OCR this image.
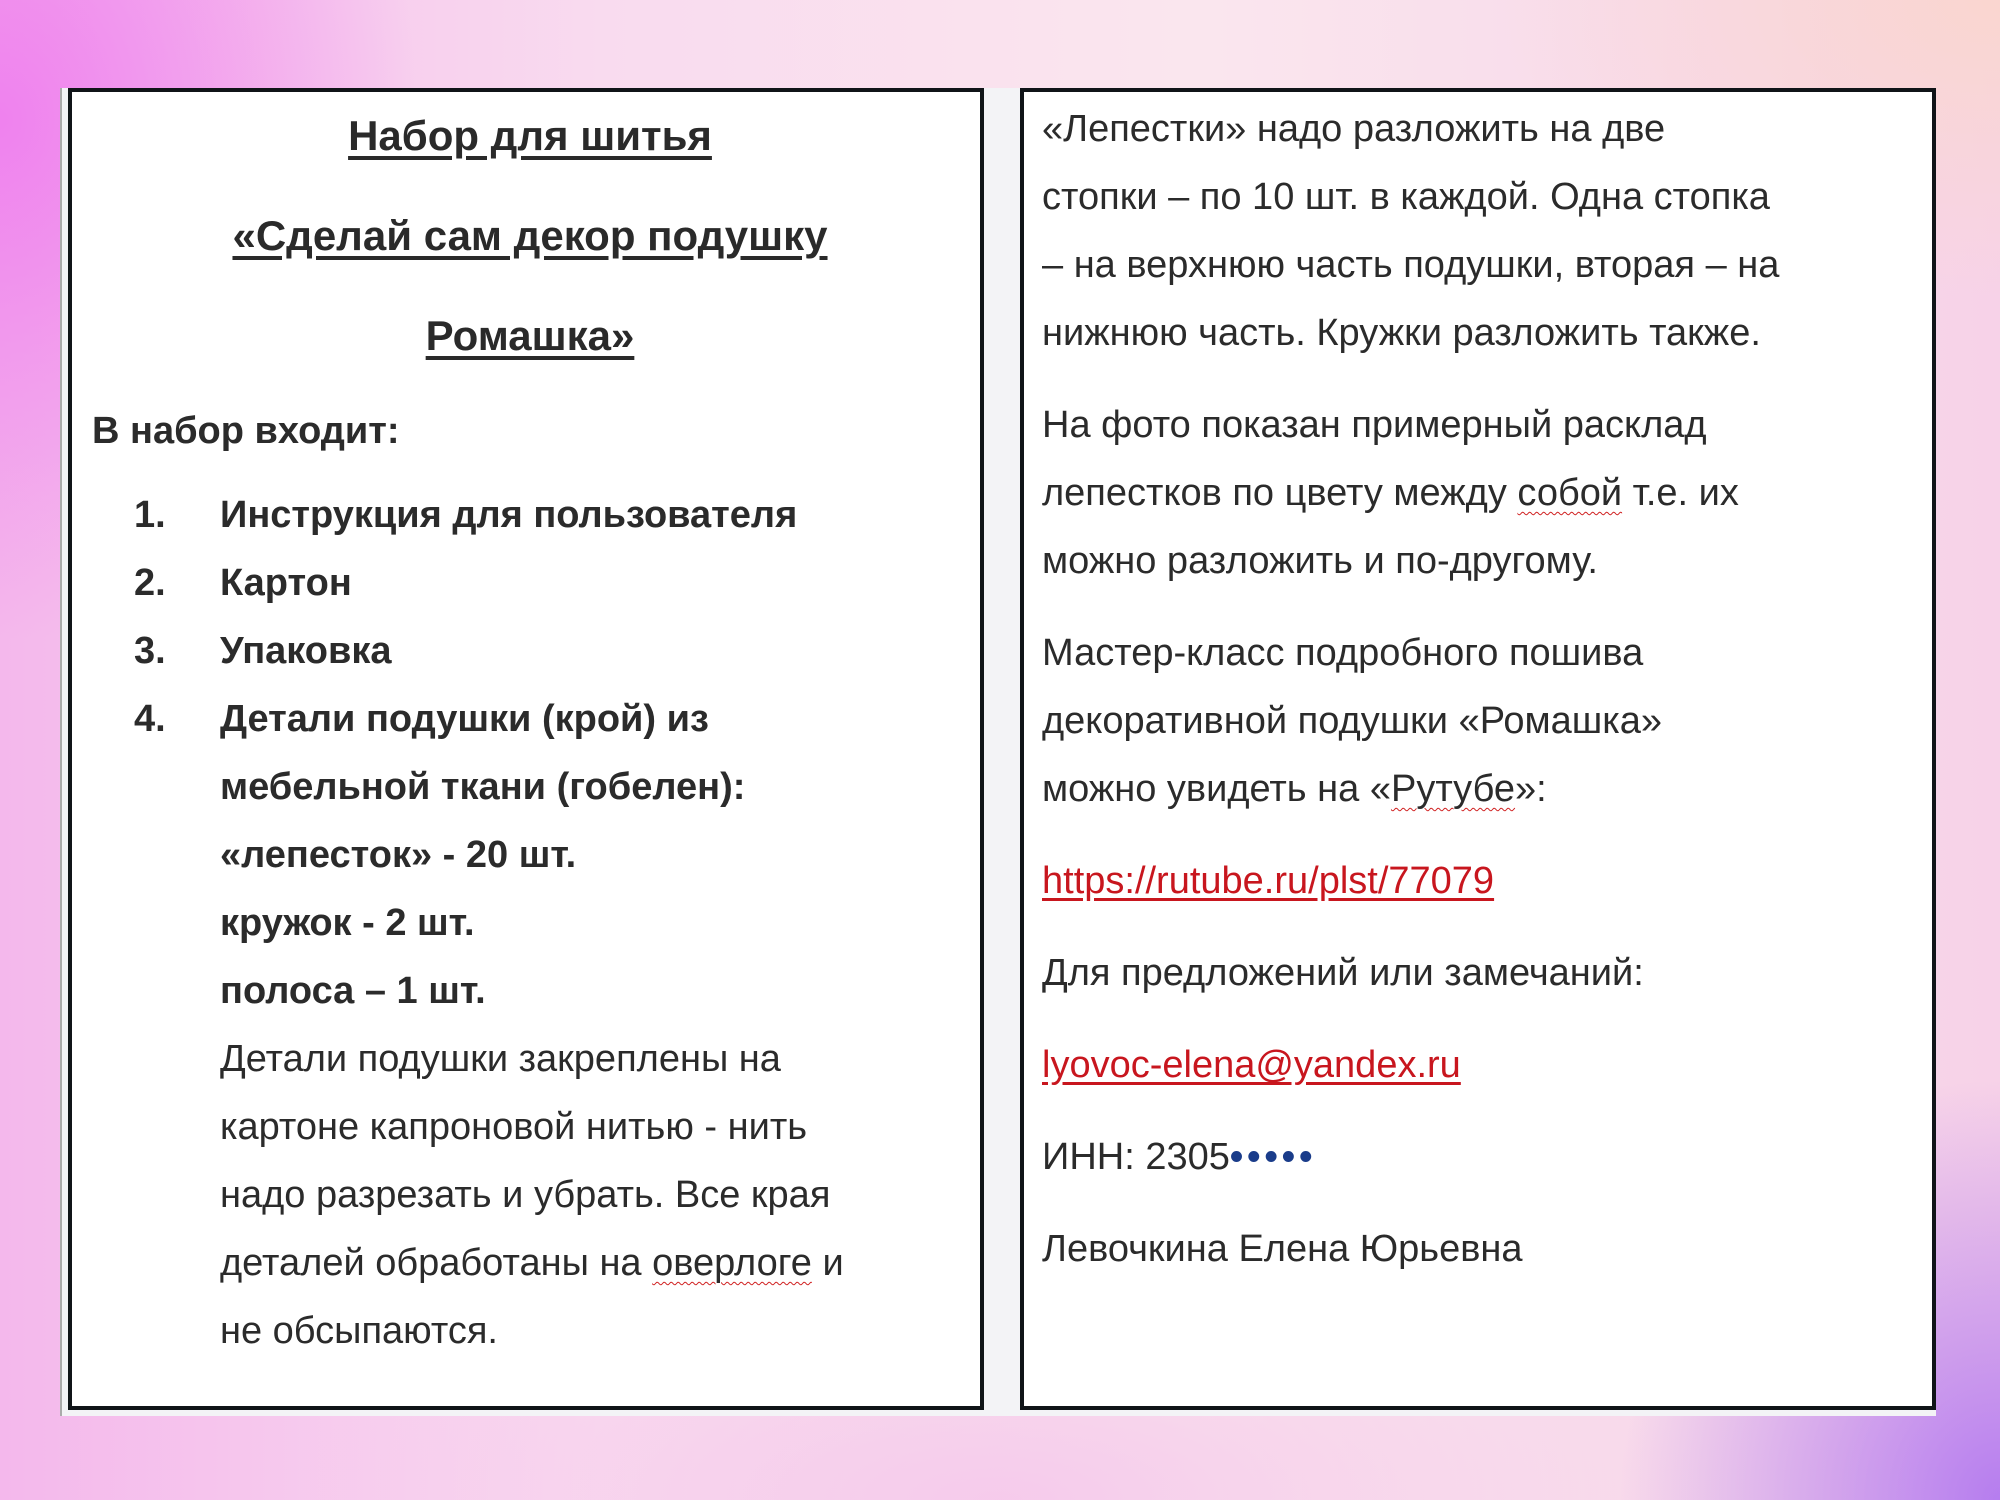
Набор для шитья
«Сделай сам декор подушку
Ромашка»
В набор входит:
1. Инструкция для пользователя
2. Картон
3. Упаковка
4. Детали подушки (крой) из
мебельной ткани (гобелен):
«лепесток» - 20 шт.
кружок - 2 шт.
полоса – 1 шт.
Детали подушки закреплены на
картоне капроновой нитью - нить
надо разрезать и убрать. Все края
деталей обработаны на оверлоге и
не обсыпаются.
«Лепестки» надо разложить на две
стопки – по 10 шт. в каждой. Одна стопка
– на верхнюю часть подушки, вторая – на
нижнюю часть. Кружки разложить также.
На фото показан примерный расклад
лепестков по цвету между собой т.е. их
можно разложить и по-другому.
Мастер-класс подробного пошива
декоративной подушки «Ромашка»
можно увидеть на «Рутубе»:
https://rutube.ru/plst/77079
Для предложений или замечаний:
lyovoc-elena@yandex.ru
ИНН: 2305•••••
Левочкина Елена Юрьевна
